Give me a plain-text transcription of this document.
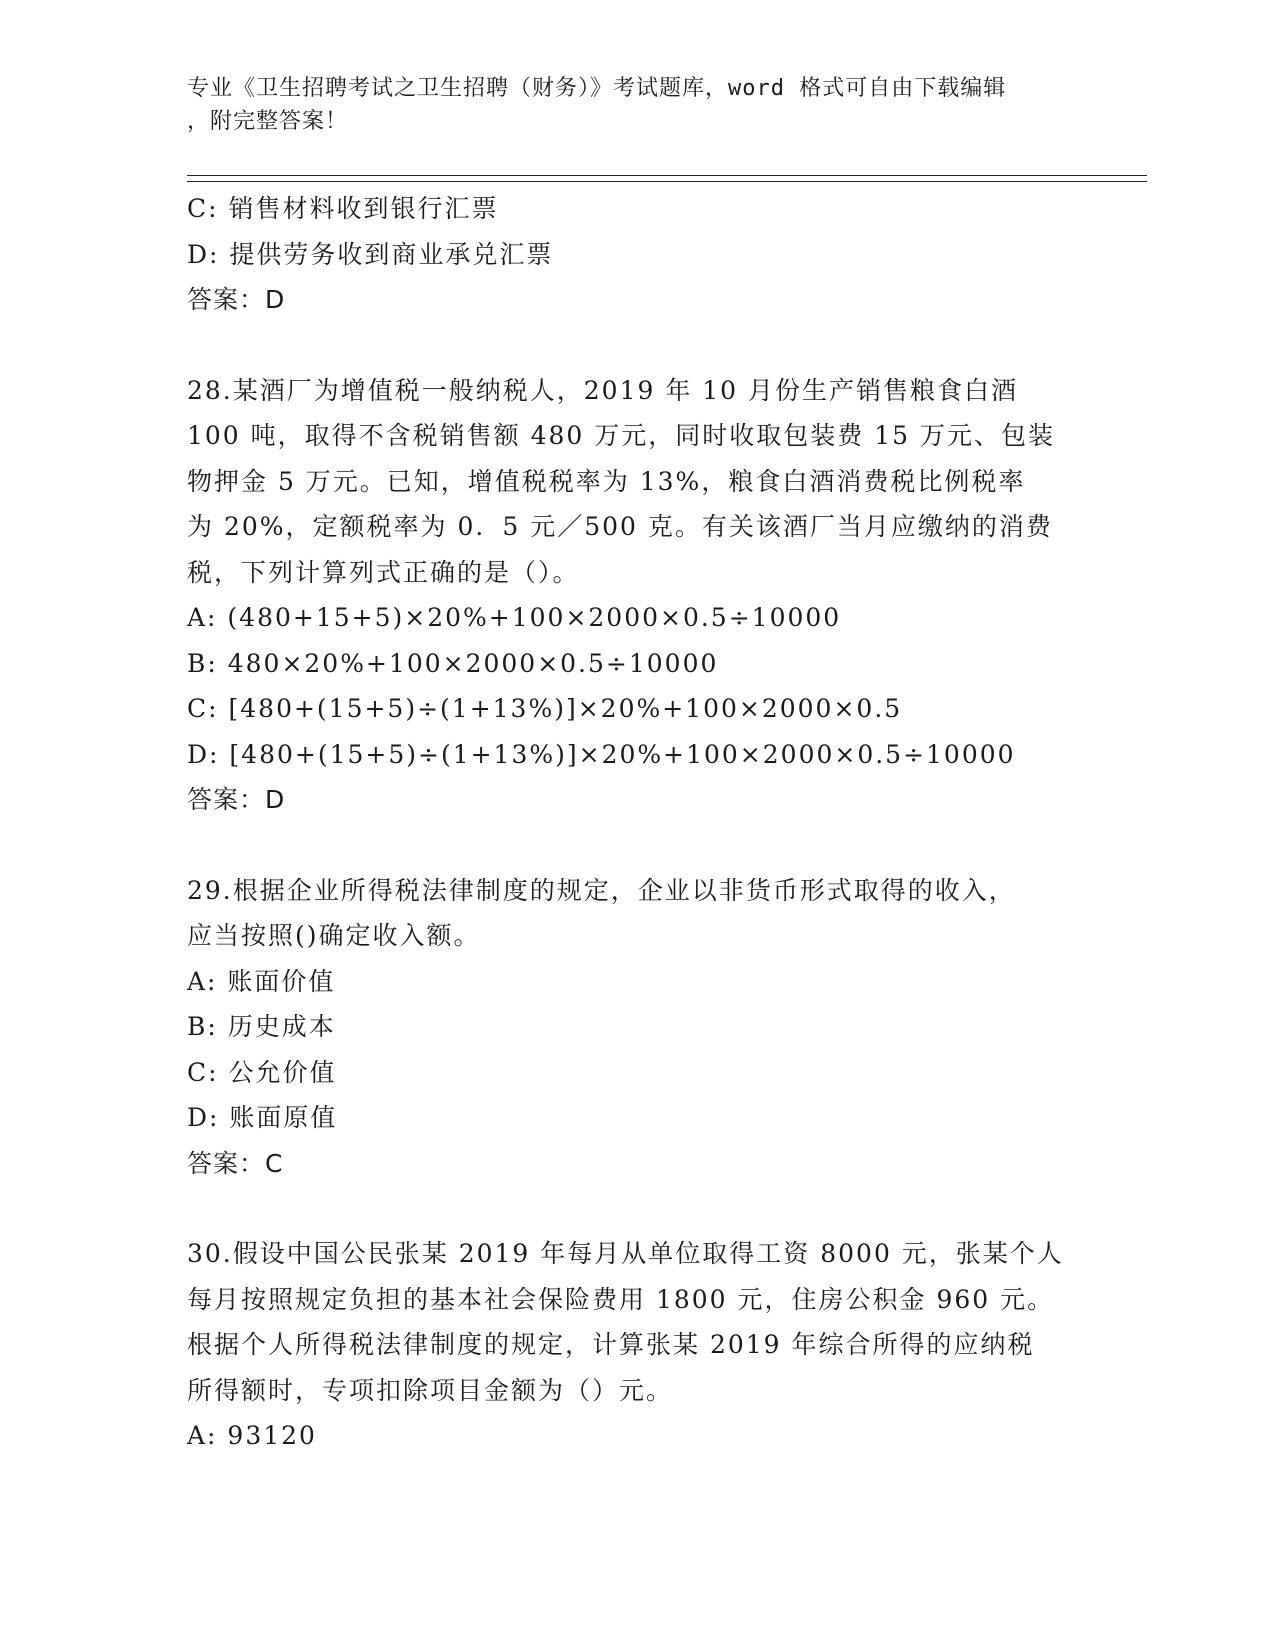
专业《卫生招聘考试之卫生招聘（财务）》考试题库，word 格式可自由下载编辑
，附完整答案！
C: 销售材料收到银行汇票
D: 提供劳务收到商业承兑汇票
答案：D
28.某酒厂为增值税一般纳税人，2019 年 10 月份生产销售粮食白酒
100 吨，取得不含税销售额 480 万元，同时收取包装费 15 万元、包装
物押金 5 万元。已知，增值税税率为 13%，粮食白酒消费税比例税率
为 20%，定额税率为 0．5 元／500 克。有关该酒厂当月应缴纳的消费
税，下列计算列式正确的是（）。
A: (480+15+5)×20%+100×2000×0.5÷10000
B: 480×20%+100×2000×0.5÷10000
C: [480+(15+5)÷(1+13%)]×20%+100×2000×0.5
D: [480+(15+5)÷(1+13%)]×20%+100×2000×0.5÷10000
答案：D
29.根据企业所得税法律制度的规定，企业以非货币形式取得的收入，
应当按照()确定收入额。
A: 账面价值
B: 历史成本
C: 公允价值
D: 账面原值
答案：C
30.假设中国公民张某 2019 年每月从单位取得工资 8000 元，张某个人
每月按照规定负担的基本社会保险费用 1800 元，住房公积金 960 元。
根据个人所得税法律制度的规定，计算张某 2019 年综合所得的应纳税
所得额时，专项扣除项目金额为（）元。
A: 93120
